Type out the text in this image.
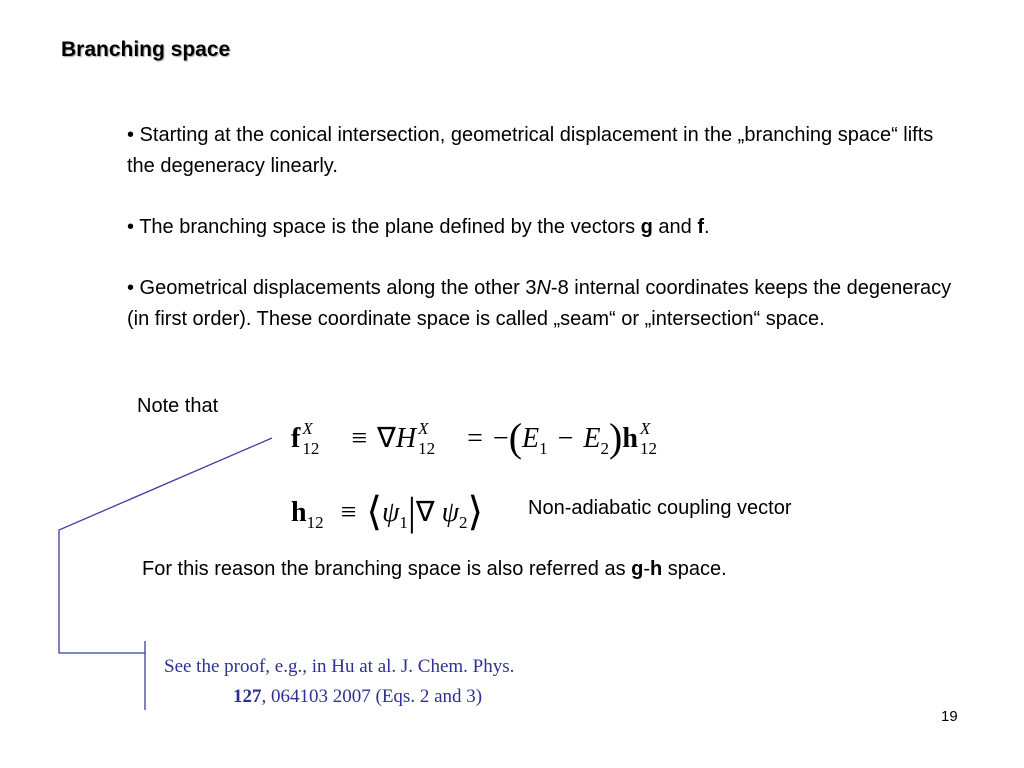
Branching space

• Starting at the conical intersection, geometrical displacement in the „branching space“ lifts the degeneracy linearly.

• The branching space is the plane defined by the vectors g and f.

• Geometrical displacements along the other 3N-8 internal coordinates keeps the degeneracy (in first order). These coordinate space is called „seam“ or „intersection“ space.

Note that
f X
12 ≡ ∇H X
$12 = -(E_1 - E_2)h$ X
12
$h_{12}$ ≡ $⟨\psi_1|\nabla$ $\psi_2⟩$ Non-adiabatic coupling vector
For this reason the branching space is also referred as g-h space.
See the proof, e.g., in Hu at al. J. Chem. Phys.
127, 064103 2007 (Eqs. 2 and 3)
19
